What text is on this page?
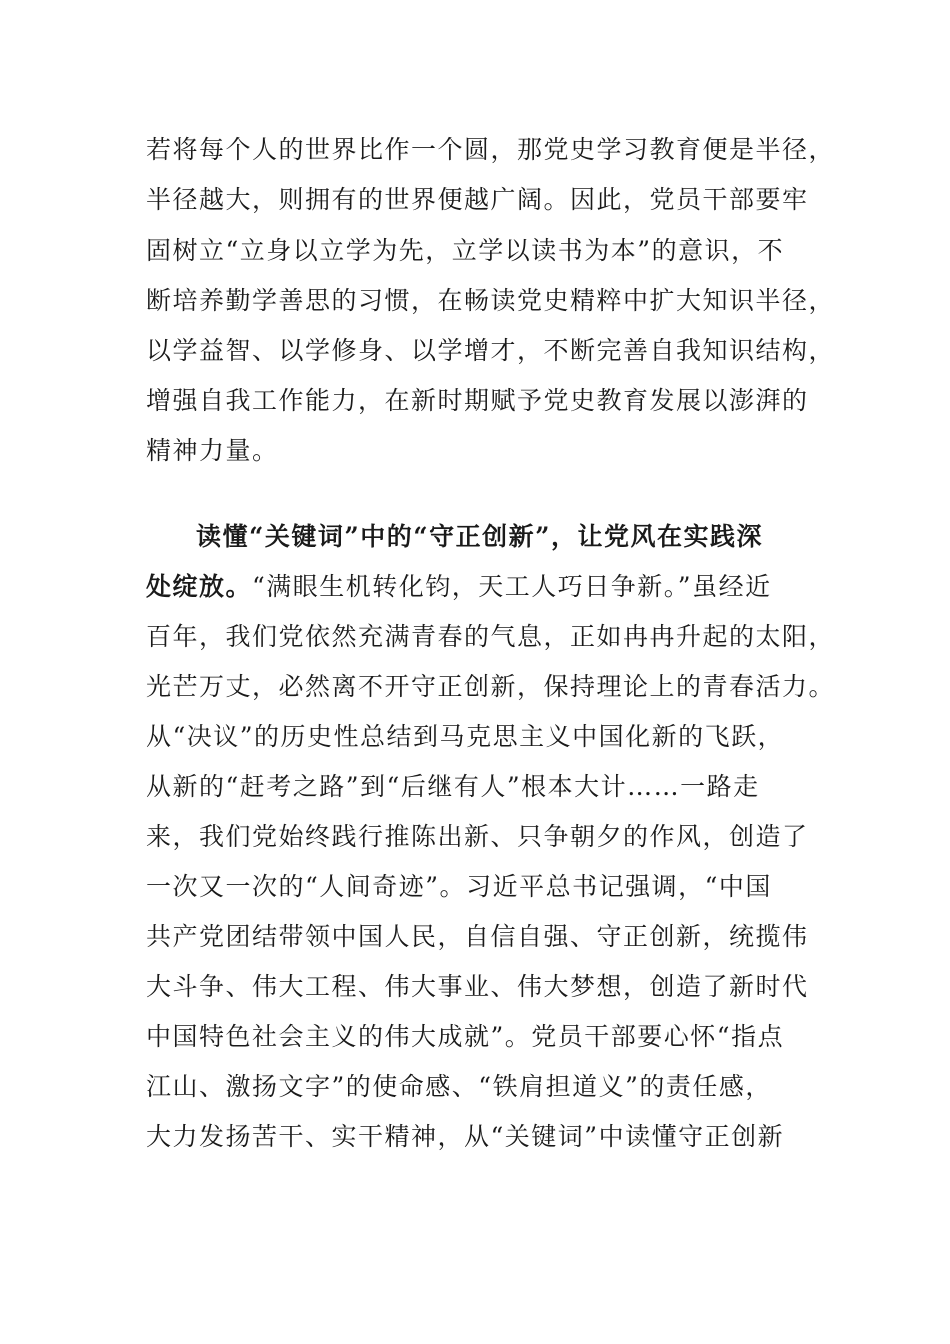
若将每个人的世界比作一个圆，那党史学习教育便是半径，
半径越大，则拥有的世界便越广阔。因此，党员干部要牢
固树立“立身以立学为先，立学以读书为本”的意识，不
断培养勤学善思的习惯，在畅读党史精粹中扩大知识半径，
以学益智、以学修身、以学增才，不断完善自我知识结构，
增强自我工作能力，在新时期赋予党史教育发展以澎湃的
精神力量。
读懂“关键词”中的“守正创新”，让党风在实践深
处绽放。“满眼生机转化钧，天工人巧日争新。”虽经近
百年，我们党依然充满青春的气息，正如冉冉升起的太阳，
光芒万丈，必然离不开守正创新，保持理论上的青春活力。
从“决议”的历史性总结到马克思主义中国化新的飞跃，
从新的“赶考之路”到“后继有人”根本大计……一路走
来，我们党始终践行推陈出新、只争朝夕的作风，创造了
一次又一次的“人间奇迹”。习近平总书记强调，“中国
共产党团结带领中国人民，自信自强、守正创新，统揽伟
大斗争、伟大工程、伟大事业、伟大梦想，创造了新时代
中国特色社会主义的伟大成就”。党员干部要心怀“指点
江山、激扬文字”的使命感、“铁肩担道义”的责任感，
大力发扬苦干、实干精神，从“关键词”中读懂守正创新
